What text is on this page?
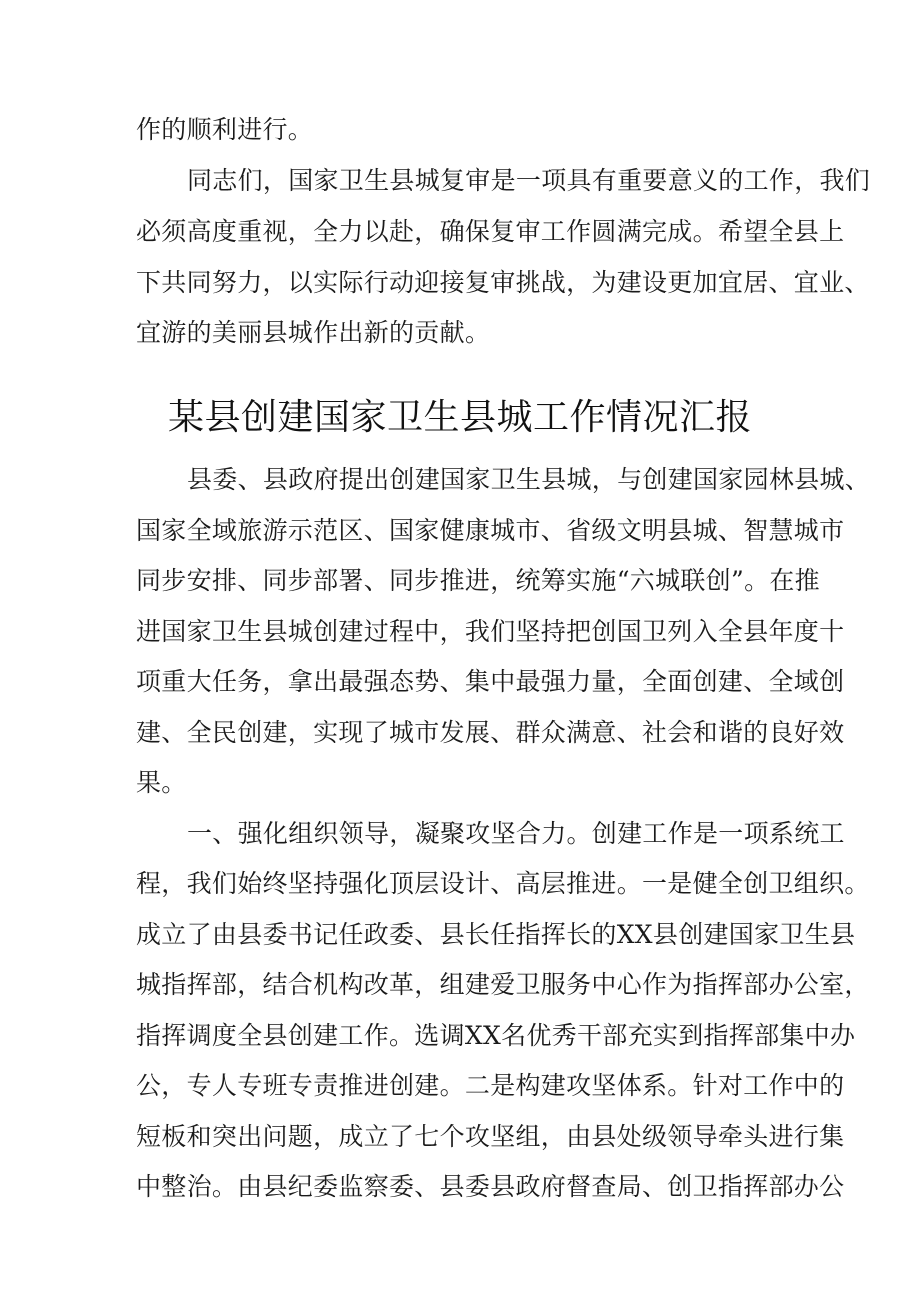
作的顺利进行。
同志们，国家卫生县城复审是一项具有重要意义的工作，我们
必须高度重视，全力以赴，确保复审工作圆满完成。希望全县上
下共同努力，以实际行动迎接复审挑战，为建设更加宜居、宜业、
宜游的美丽县城作出新的贡献。
某县创建国家卫生县城工作情况汇报
县委、县政府提出创建国家卫生县城，与创建国家园林县城、
国家全域旅游示范区、国家健康城市、省级文明县城、智慧城市
同步安排、同步部署、同步推进，统筹实施“六城联创”。在推
进国家卫生县城创建过程中，我们坚持把创国卫列入全县年度十
项重大任务，拿出最强态势、集中最强力量，全面创建、全域创
建、全民创建，实现了城市发展、群众满意、社会和谐的良好效
果。
一、强化组织领导，凝聚攻坚合力。创建工作是一项系统工
程，我们始终坚持强化顶层设计、高层推进。一是健全创卫组织。
成立了由县委书记任政委、县长任指挥长的XX县创建国家卫生县
城指挥部，结合机构改革，组建爱卫服务中心作为指挥部办公室，
指挥调度全县创建工作。选调XX名优秀干部充实到指挥部集中办
公，专人专班专责推进创建。二是构建攻坚体系。针对工作中的
短板和突出问题，成立了七个攻坚组，由县处级领导牵头进行集
中整治。由县纪委监察委、县委县政府督查局、创卫指挥部办公
